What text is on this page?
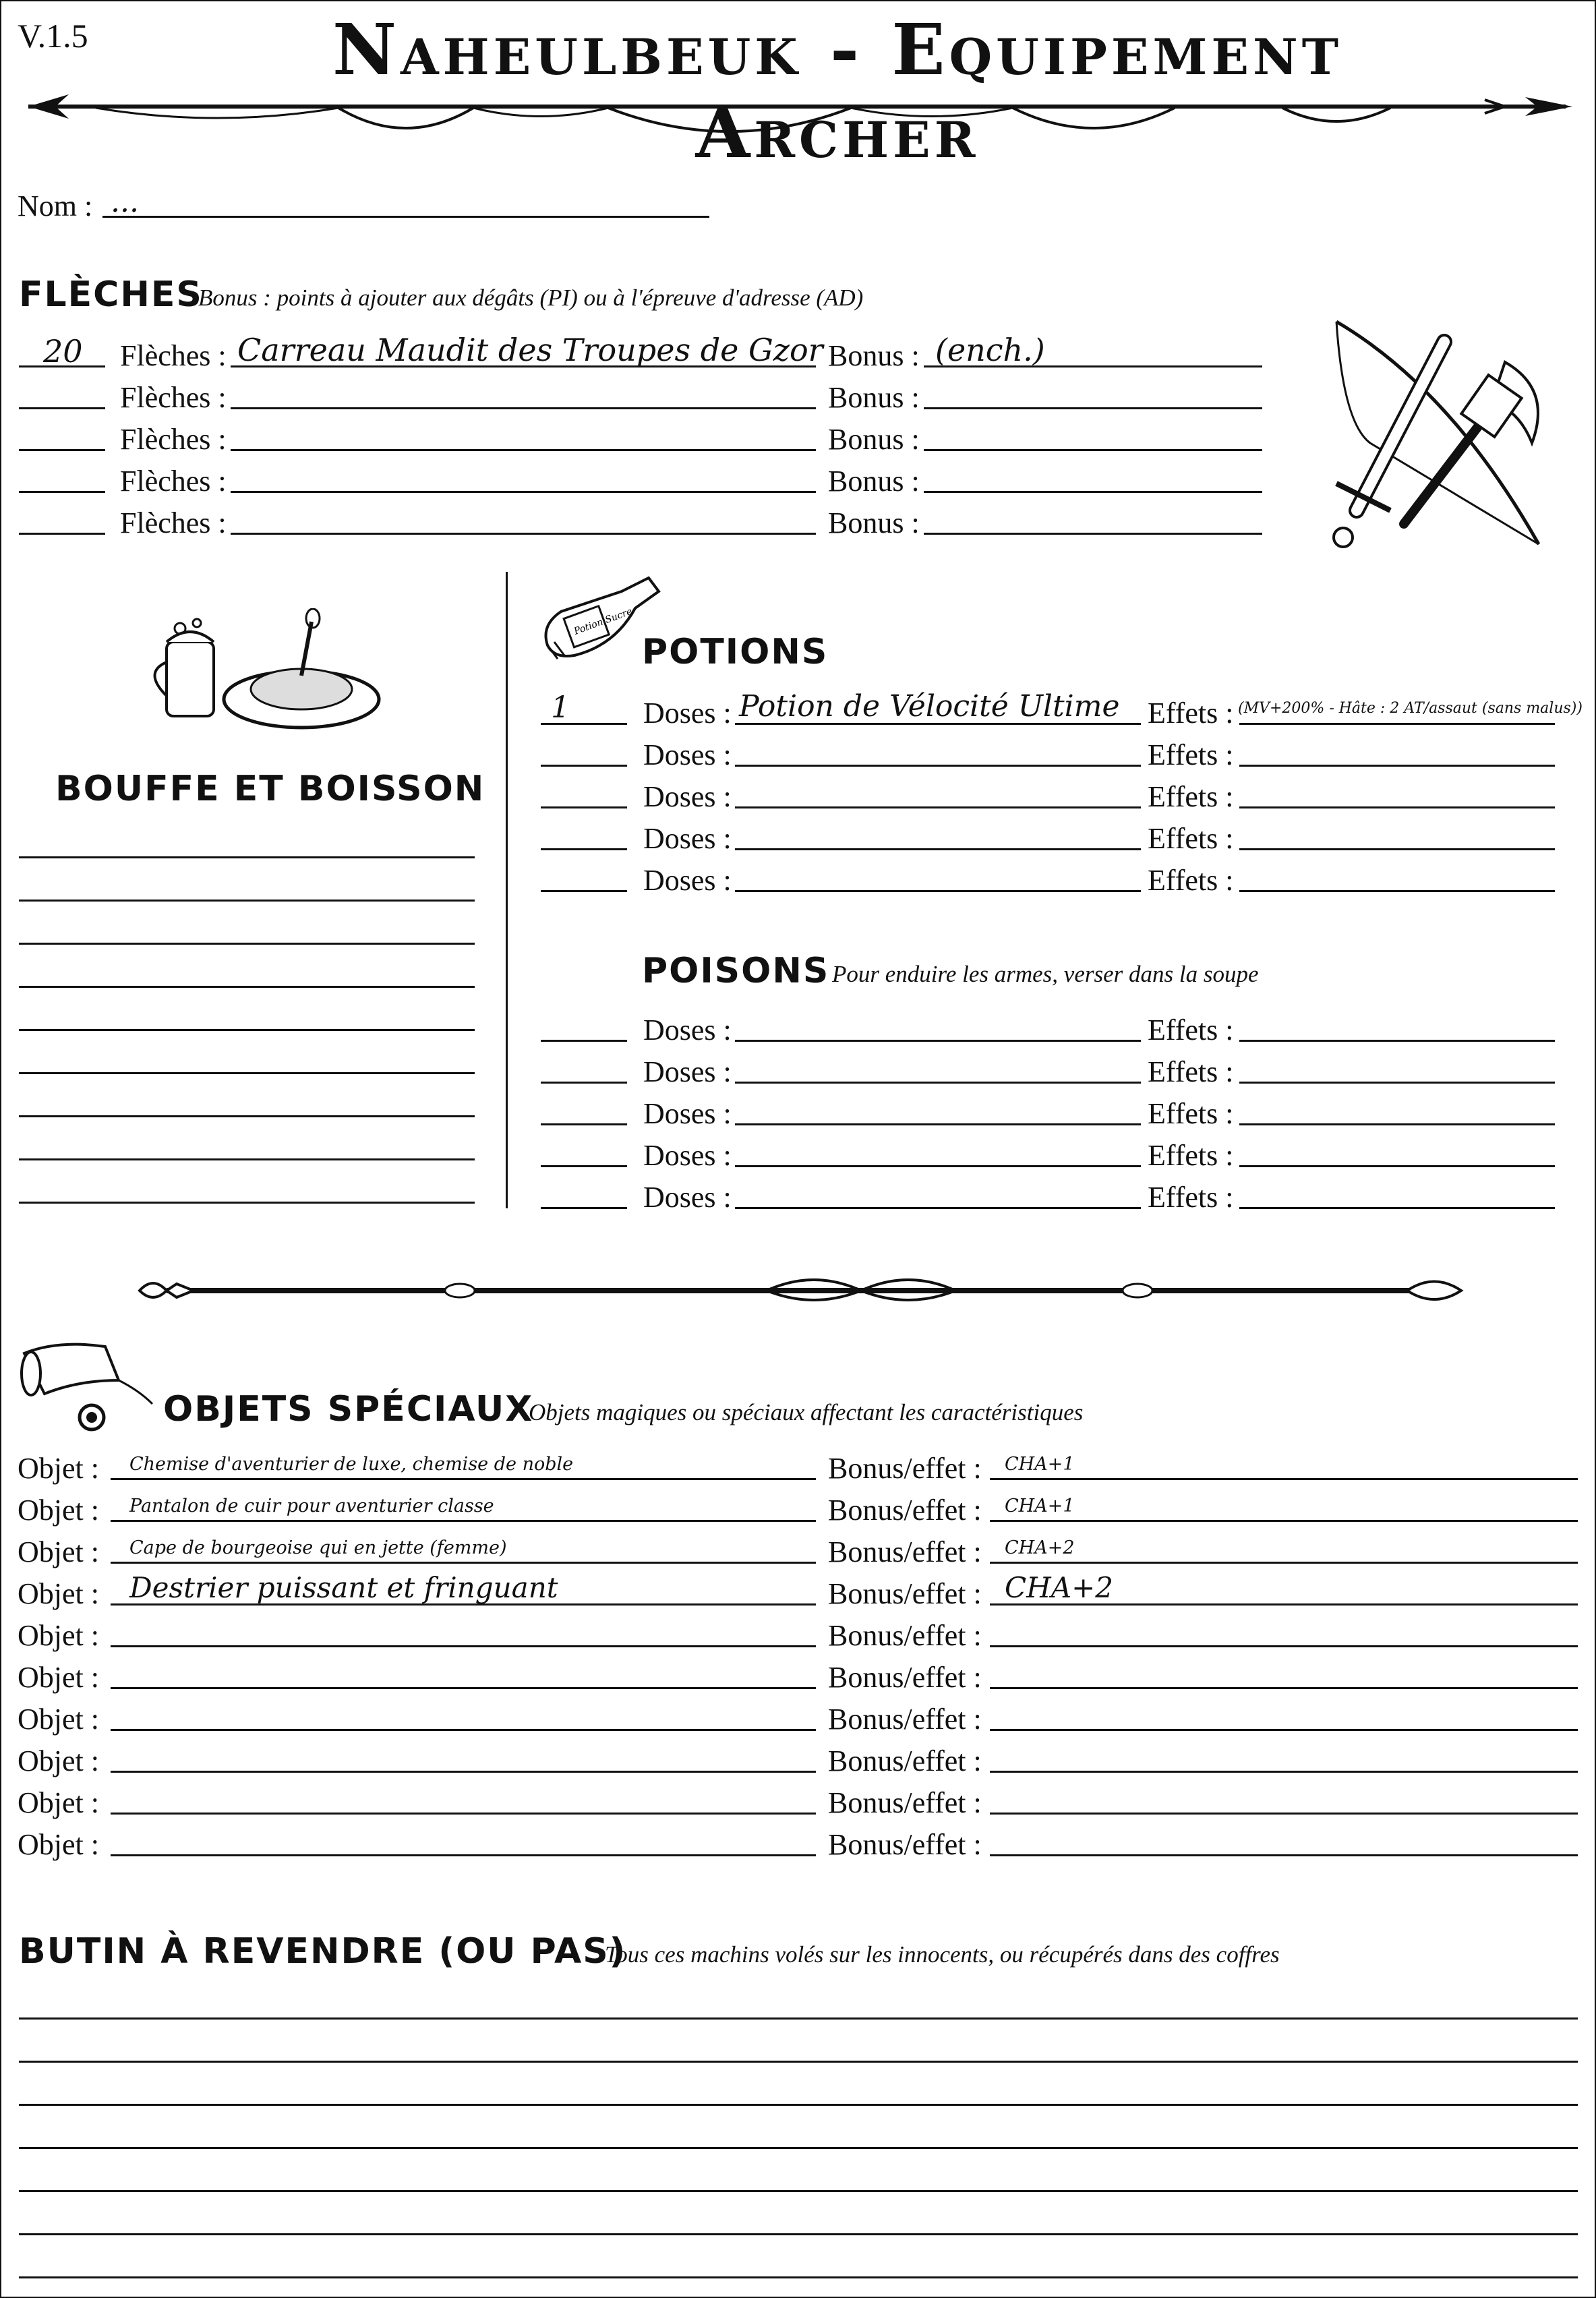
V.1.5	Naheulbeuk - Equipement Archer
Nom : ...
FLÈCHES
Bonus : points à ajouter aux dégâts (PI) ou à l'épreuve d'adresse (AD)
20 Flèches : Carreau Maudit des Troupes de Gzor Bonus : (ench.)
Flèches :	Bonus :
Flèches :	Bonus :
Flèches :	Bonus :
Flèches :	Bonus :
BOUFFE ET BOISSON
Potion Sucre
POTIONS
1 Doses : Potion de Vélocité Ultime Effets : (MV+200% - Hâte : 2 AT/assaut (sans malus))
Doses :	Effets :
Doses :	Effets :
Doses :	Effets :
Doses :	Effets :
POISONS Pour enduire les armes, verser dans la soupe
Doses :	Effets :
Doses :	Effets :
Doses :	Effets :
Doses :	Effets :
Doses :	Effets :
OBJETS SPÉCIAUX
Objets magiques ou spéciaux affectant les caractéristiques
Objet : Chemise d'aventurier de luxe, chemise de noble	Bonus/effet : CHA+1
Objet : Pantalon de cuir pour aventurier classe	Bonus/effet : CHA+1
Objet : Cape de bourgeoise qui en jette (femme)	Bonus/effet : CHA+2
Objet : Destrier puissant et fringuant	Bonus/effet : CHA+2
Objet :	Bonus/effet :
Objet :	Bonus/effet :
Objet :	Bonus/effet :
Objet :	Bonus/effet :
Objet :	Bonus/effet :
Objet :	Bonus/effet :
BUTIN À REVENDRE (OU PAS)
Tous ces machins volés sur les innocents, ou récupérés dans des coffres
